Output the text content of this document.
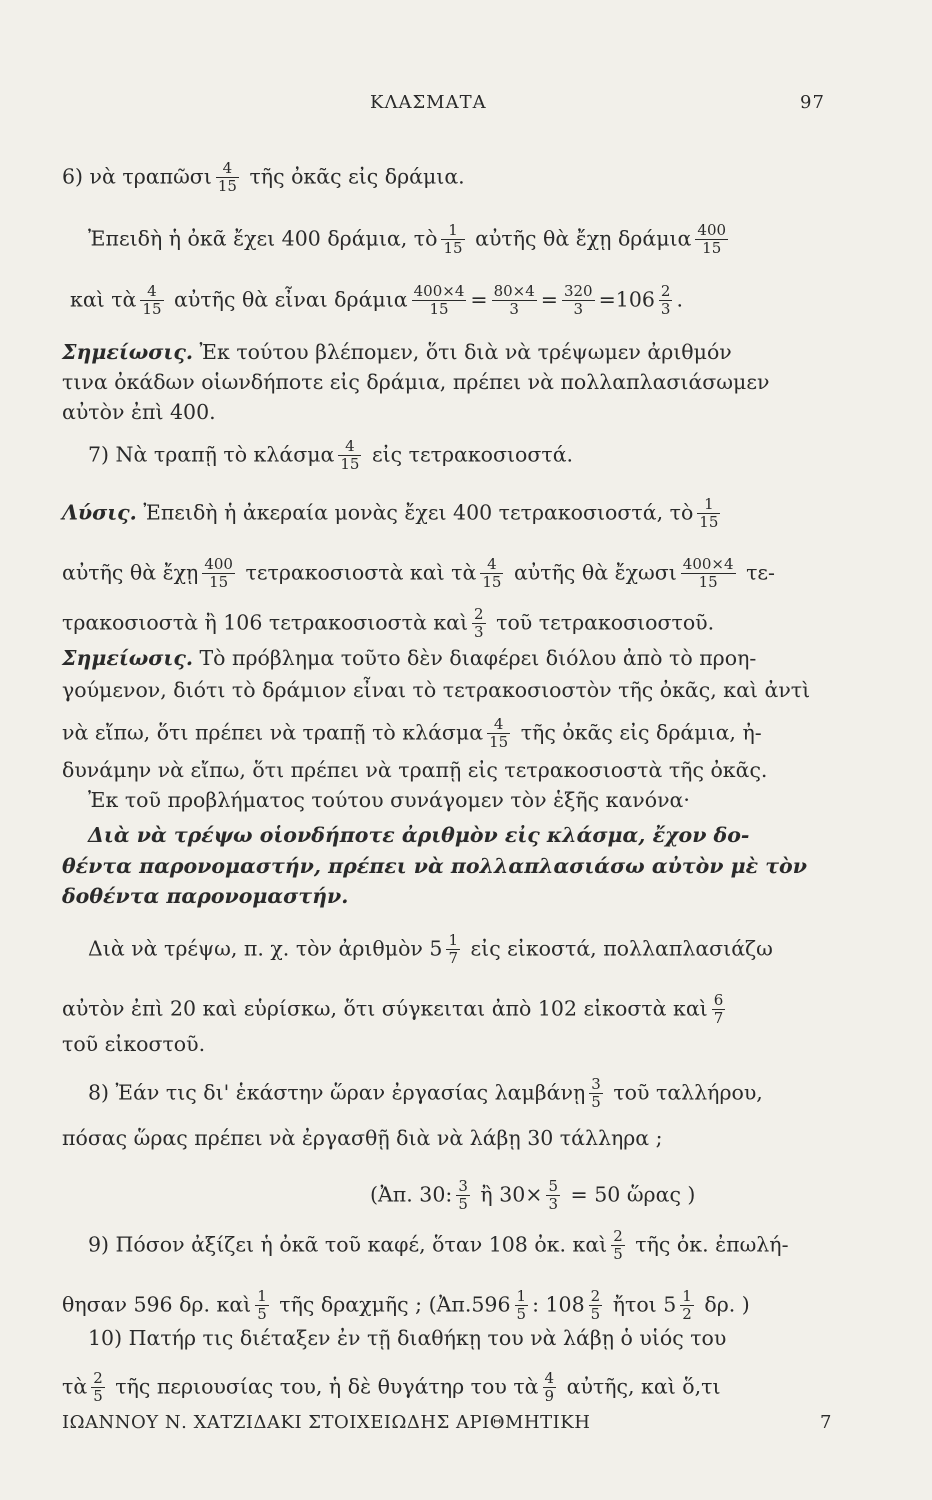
ΚΛΑΣΜΑΤΑ	97
6) νὰ τραπῶσι $\frac{4}{15}$ τῆς ὀκᾶς εἰς δράμια.
Ἐπειδὴ ἡ ὀκᾶ ἔχει 400 δράμια, τὸ $\frac{1}{15}$ αὐτῆς θὰ ἔχῃ δράμια $\frac{400}{15}$
καὶ τὰ $\frac{4}{15}$ αὐτῆς θὰ εἶναι δράμια $\frac{400\times 4}{15} = \frac{80\times 4}{3} = \frac{320}{3} =106 \frac{2}{3}$ .
Σημείωσις. Ἐκ τούτου βλέπομεν, ὅτι διὰ νὰ τρέψωμεν ἀριθμόν
τινα ὀκάδων οἱωνδήποτε εἰς δράμια, πρέπει νὰ πολλαπλασιάσωμεν
αὐτὸν ἐπὶ 400.
7) Νὰ τραπῇ τὸ κλάσμα $\frac{4}{15}$ εἰς τετρακοσιοστά.
Λύσις. Ἐπειδὴ ἡ ἀκεραία μονὰς ἔχει 400 τετρακοσιοστά, τὸ $\frac{1}{15}$
αὐτῆς θὰ ἔχῃ $\frac{400}{15}$ τετρακοσιοστὰ καὶ τὰ $\frac{4}{15}$ αὐτῆς θὰ ἔχωσι $\frac{400\times 4}{15} \tau\varepsilon-$
τρακοσιοστὰ ἢ 106 τετρακοσιοστὰ καὶ $\frac{2}{3}$ τοῦ τετρακοσιοστοῦ.
Σημείωσις. Τὸ πρόβλημα τοῦτο δὲν διαφέρει διόλου ἀπὸ τὸ προη-
γούμενον, διότι τὸ δράμιον εἶναι τὸ τετρακοσιοστὸν τῆς ὀκᾶς, καὶ ἀντὶ
νὰ εἴπω, ὅτι πρέπει νὰ τραπῇ τὸ κλάσμα $\frac{4}{15}$ τῆς ὀκᾶς εἰς δράμια, ἠ-
δυνάμην νὰ εἴπω, ὅτι πρέπει νὰ τραπῇ εἰς τετρακοσιοστὰ τῆς ὀκᾶς.
Ἐκ τοῦ προβλήματος τούτου συνάγομεν τὸν ἑξῆς κανόνα·
Διὰ νὰ τρέψω οἱονδήποτε ἀριθμὸν εἰς κλάσμα, ἔχον δο-
θέντα παρονομαστήν, πρέπει νὰ πολλαπλασιάσω αὐτὸν μὲ τὸν
δοθέντα παρονομαστήν.
Διὰ νὰ τρέψω, π. χ. τὸν ἀριθμὸν $5 \frac{1}{7}$ εἰς εἰκοστά, πολλαπλασιάζω
αὐτὸν ἐπὶ 20 καὶ εὑρίσκω, ὅτι σύγκειται ἀπὸ 102 εἰκοστὰ καὶ $\frac{6}{7}$
τοῦ εἰκοστοῦ.
8) Ἐάν τις δι' ἑκάστην ὥραν ἐργασίας λαμβάνῃ $\frac{3}{5}$ τοῦ ταλλήρου,
πόσας ὥρας πρέπει νὰ ἐργασθῇ διὰ νὰ λάβῃ 30 τάλληρα ;
(Ἀπ. 30: $\frac{3}{5}$ ἢ $30\times \frac{5}{3} = 50$ ὥρας )
9) Πόσον ἀξίζει ἡ ὀκᾶ τοῦ καφέ, ὅταν 108 ὀκ. καὶ $\frac{2}{5}$ τῆς ὀκ. ἐπωλή-
θησαν 596 δρ. καὶ $\frac{1}{5}$ τῆς δραχμῆς ; (Ἀπ.596 $\frac{1}{5}$ : $108 \frac{2}{5}$ ἤτοι $5 \frac{1}{2} \delta\rho$. )
10) Πατήρ τις διέταξεν ἐν τῇ διαθήκῃ του νὰ λάβῃ ὁ υἱός του
τὰ $\frac{2}{5}$ τῆς περιουσίας του, ἡ δὲ θυγάτηρ του τὰ $\frac{4}{9}$ αὐτῆς, καὶ ὅ,τι
ΙΩΑΝΝΟΥ Ν. ΧΑΤΖΙΔΑΚΙ ΣΤΟΙΧΕΙΩΔΗΣ ΑΡΙΘΜΗΤΙΚΗ	7
